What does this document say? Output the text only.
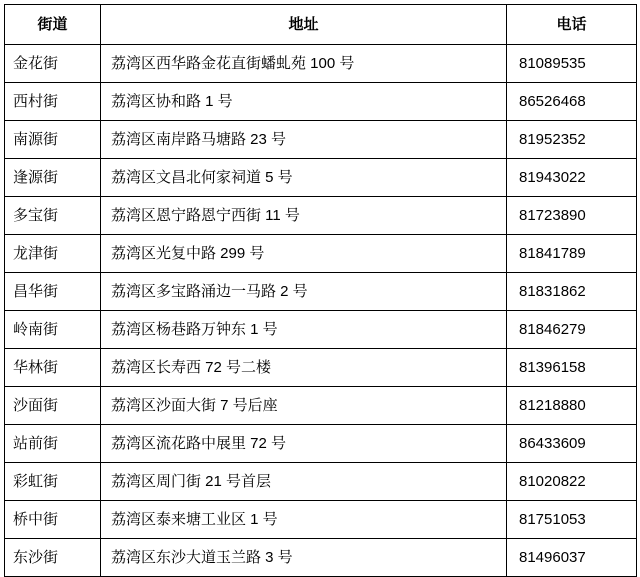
街道	地址	电话
金花街	荔湾区西华路金花直街蟠虬苑 100 号	81089535
西村街	荔湾区协和路 1 号	86526468
南源街	荔湾区南岸路马塘路 23 号	81952352
逢源街	荔湾区文昌北何家祠道 5 号	81943022
多宝街	荔湾区恩宁路恩宁西街 11 号	81723890
龙津街	荔湾区光复中路 299 号	81841789
昌华街	荔湾区多宝路涌边一马路 2 号	81831862
岭南街	荔湾区杨巷路万钟东 1 号	81846279
华林街	荔湾区长寿西 72 号二楼	81396158
沙面街	荔湾区沙面大街 7 号后座	81218880
站前街	荔湾区流花路中展里 72 号	86433609
彩虹街	荔湾区周门街 21 号首层	81020822
桥中街	荔湾区泰来塘工业区 1 号	81751053
东沙街	荔湾区东沙大道玉兰路 3 号	81496037
